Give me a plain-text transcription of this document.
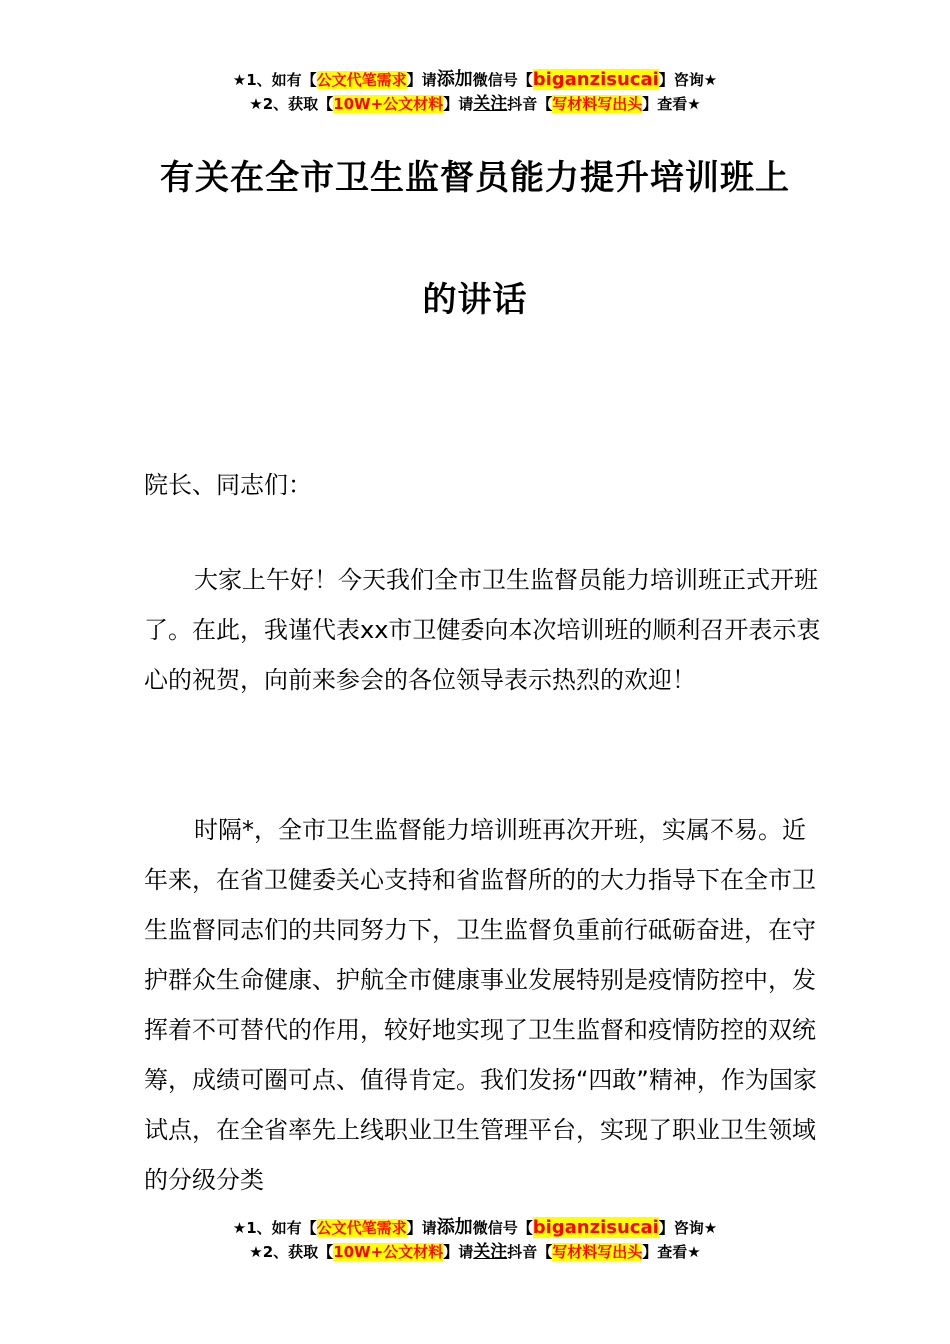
★1、如有【公文代笔需求】请添加微信号【biganzisucai】咨询★
★2、获取【10W+公文材料】请关注抖音【写材料写出头】查看★
有关在全市卫生监督员能力提升培训班上
的讲话

院长、同志们：

大家上午好！今天我们全市卫生监督员能力培训班正式开班了。在此，我谨代表xx市卫健委向本次培训班的顺利召开表示衷心的祝贺，向前来参会的各位领导表示热烈的欢迎！

时隔*，全市卫生监督能力培训班再次开班，实属不易。近年来，在省卫健委关心支持和省监督所的的大力指导下在全市卫生监督同志们的共同努力下，卫生监督负重前行砥砺奋进，在守护群众生命健康、护航全市健康事业发展特别是疫情防控中，发挥着不可替代的作用，较好地实现了卫生监督和疫情防控的双统筹，成绩可圈可点、值得肯定。我们发扬“四敢”精神，作为国家试点，在全省率先上线职业卫生管理平台，实现了职业卫生领域的分级分类

★1、如有【公文代笔需求】请添加微信号【biganzisucai】咨询★
★2、获取【10W+公文材料】请关注抖音【写材料写出头】查看★
